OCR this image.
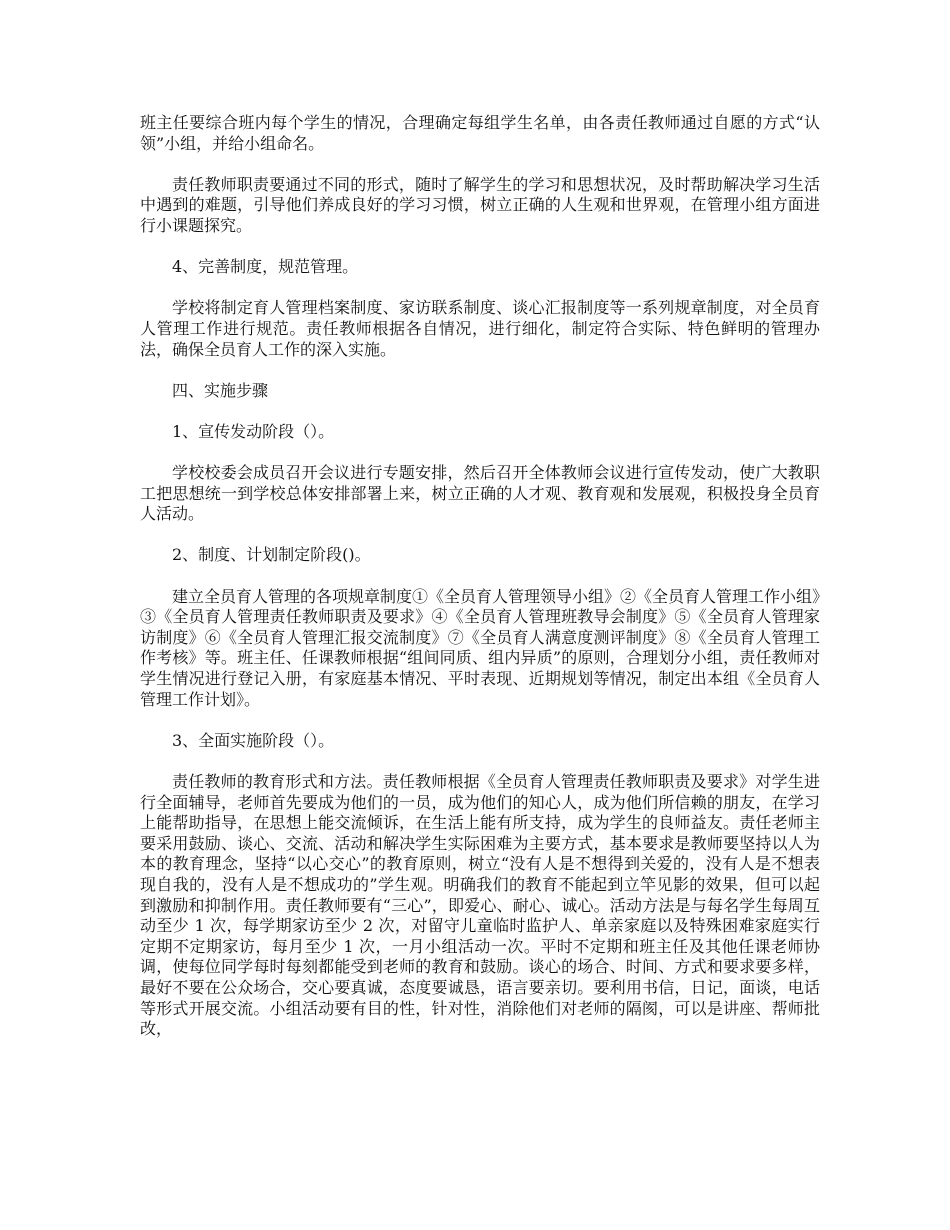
班主任要综合班内每个学生的情况，合理确定每组学生名单，由各责任教师通过自愿的方式“认领”小组，并给小组命名。

责任教师职责要通过不同的形式，随时了解学生的学习和思想状况，及时帮助解决学习生活中遇到的难题，引导他们养成良好的学习习惯，树立正确的人生观和世界观，在管理小组方面进行小课题探究。

4、完善制度，规范管理。

学校将制定育人管理档案制度、家访联系制度、谈心汇报制度等一系列规章制度，对全员育人管理工作进行规范。责任教师根据各自情况，进行细化，制定符合实际、特色鲜明的管理办法，确保全员育人工作的深入实施。

四、实施步骤

1、宣传发动阶段（）。

学校校委会成员召开会议进行专题安排，然后召开全体教师会议进行宣传发动，使广大教职工把思想统一到学校总体安排部署上来，树立正确的人才观、教育观和发展观，积极投身全员育人活动。

2、制度、计划制定阶段()。

建立全员育人管理的各项规章制度①《全员育人管理领导小组》②《全员育人管理工作小组》③《全员育人管理责任教师职责及要求》④《全员育人管理班教导会制度》⑤《全员育人管理家访制度》⑥《全员育人管理汇报交流制度》⑦《全员育人满意度测评制度》⑧《全员育人管理工作考核》等。班主任、任课教师根据“组间同质、组内异质”的原则，合理划分小组，责任教师对学生情况进行登记入册，有家庭基本情况、平时表现、近期规划等情况，制定出本组《全员育人管理工作计划》。

3、全面实施阶段（）。

责任教师的教育形式和方法。责任教师根据《全员育人管理责任教师职责及要求》对学生进行全面辅导，老师首先要成为他们的一员，成为他们的知心人，成为他们所信赖的朋友，在学习上能帮助指导，在思想上能交流倾诉，在生活上能有所支持，成为学生的良师益友。责任老师主要采用鼓励、谈心、交流、活动和解决学生实际困难为主要方式，基本要求是教师要坚持以人为本的教育理念，坚持“以心交心”的教育原则，树立“没有人是不想得到关爱的，没有人是不想表现自我的，没有人是不想成功的”学生观。明确我们的教育不能起到立竿见影的效果，但可以起到激励和抑制作用。责任教师要有“三心”，即爱心、耐心、诚心。活动方法是与每名学生每周互动至少 1 次，每学期家访至少 2 次，对留守儿童临时监护人、单亲家庭以及特殊困难家庭实行定期不定期家访，每月至少 1 次，一月小组活动一次。平时不定期和班主任及其他任课老师协调，使每位同学每时每刻都能受到老师的教育和鼓励。谈心的场合、时间、方式和要求要多样，最好不要在公众场合，交心要真诚，态度要诚恳，语言要亲切。要利用书信，日记，面谈，电话等形式开展交流。小组活动要有目的性，针对性，消除他们对老师的隔阂，可以是讲座、帮师批改，
